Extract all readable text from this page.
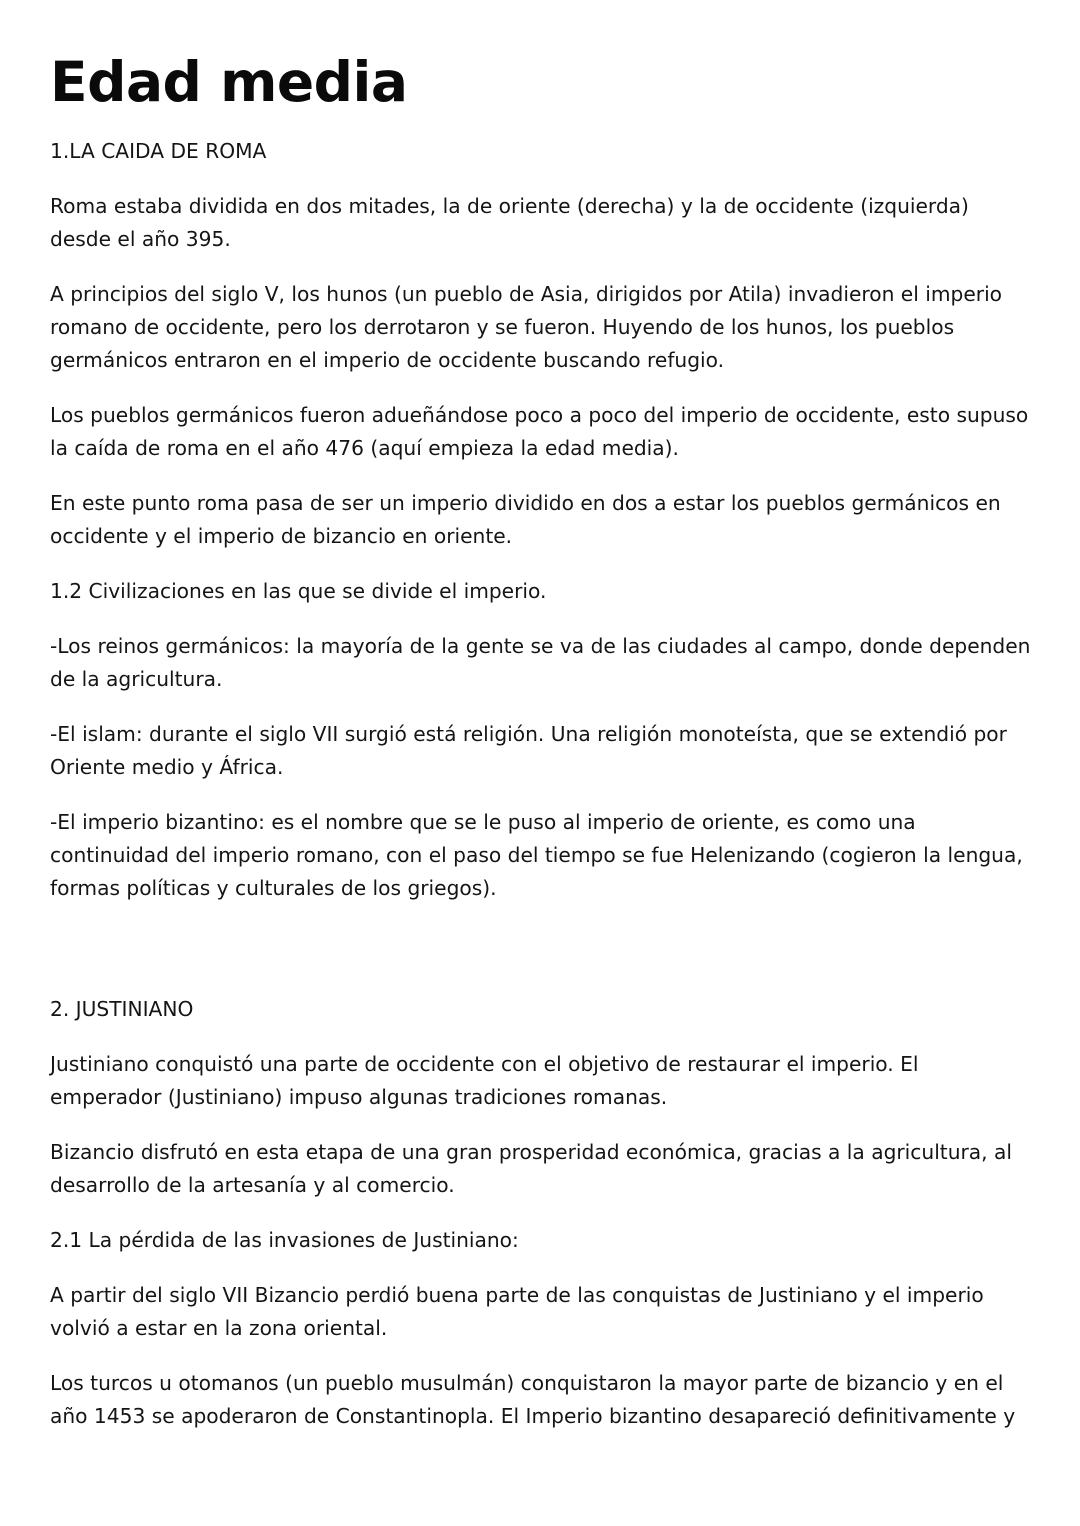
Edad media

1.LA CAIDA DE ROMA

Roma estaba dividida en dos mitades, la de oriente (derecha) y la de occidente (izquierda) desde el año 395.

A principios del siglo V, los hunos (un pueblo de Asia, dirigidos por Atila) invadieron el imperio romano de occidente, pero los derrotaron y se fueron. Huyendo de los hunos, los pueblos germánicos entraron en el imperio de occidente buscando refugio.

Los pueblos germánicos fueron adueñándose poco a poco del imperio de occidente, esto supuso la caída de roma en el año 476 (aquí empieza la edad media).

En este punto roma pasa de ser un imperio dividido en dos a estar los pueblos germánicos en occidente y el imperio de bizancio en oriente.

1.2 Civilizaciones en las que se divide el imperio.

-Los reinos germánicos: la mayoría de la gente se va de las ciudades al campo, donde dependen de la agricultura.

-El islam: durante el siglo VII surgió está religión. Una religión monoteísta, que se extendió por Oriente medio y África.

-El imperio bizantino: es el nombre que se le puso al imperio de oriente, es como una continuidad del imperio romano, con el paso del tiempo se fue Helenizando (cogieron la lengua, formas políticas y culturales de los griegos).

2. JUSTINIANO

Justiniano conquistó una parte de occidente con el objetivo de restaurar el imperio. El emperador (Justiniano) impuso algunas tradiciones romanas.

Bizancio disfrutó en esta etapa de una gran prosperidad económica, gracias a la agricultura, al desarrollo de la artesanía y al comercio.

2.1 La pérdida de las invasiones de Justiniano:

A partir del siglo VII Bizancio perdió buena parte de las conquistas de Justiniano y el imperio volvió a estar en la zona oriental.

Los turcos u otomanos (un pueblo musulmán) conquistaron la mayor parte de bizancio y en el año 1453 se apoderaron de Constantinopla. El Imperio bizantino desapareció definitivamente y
